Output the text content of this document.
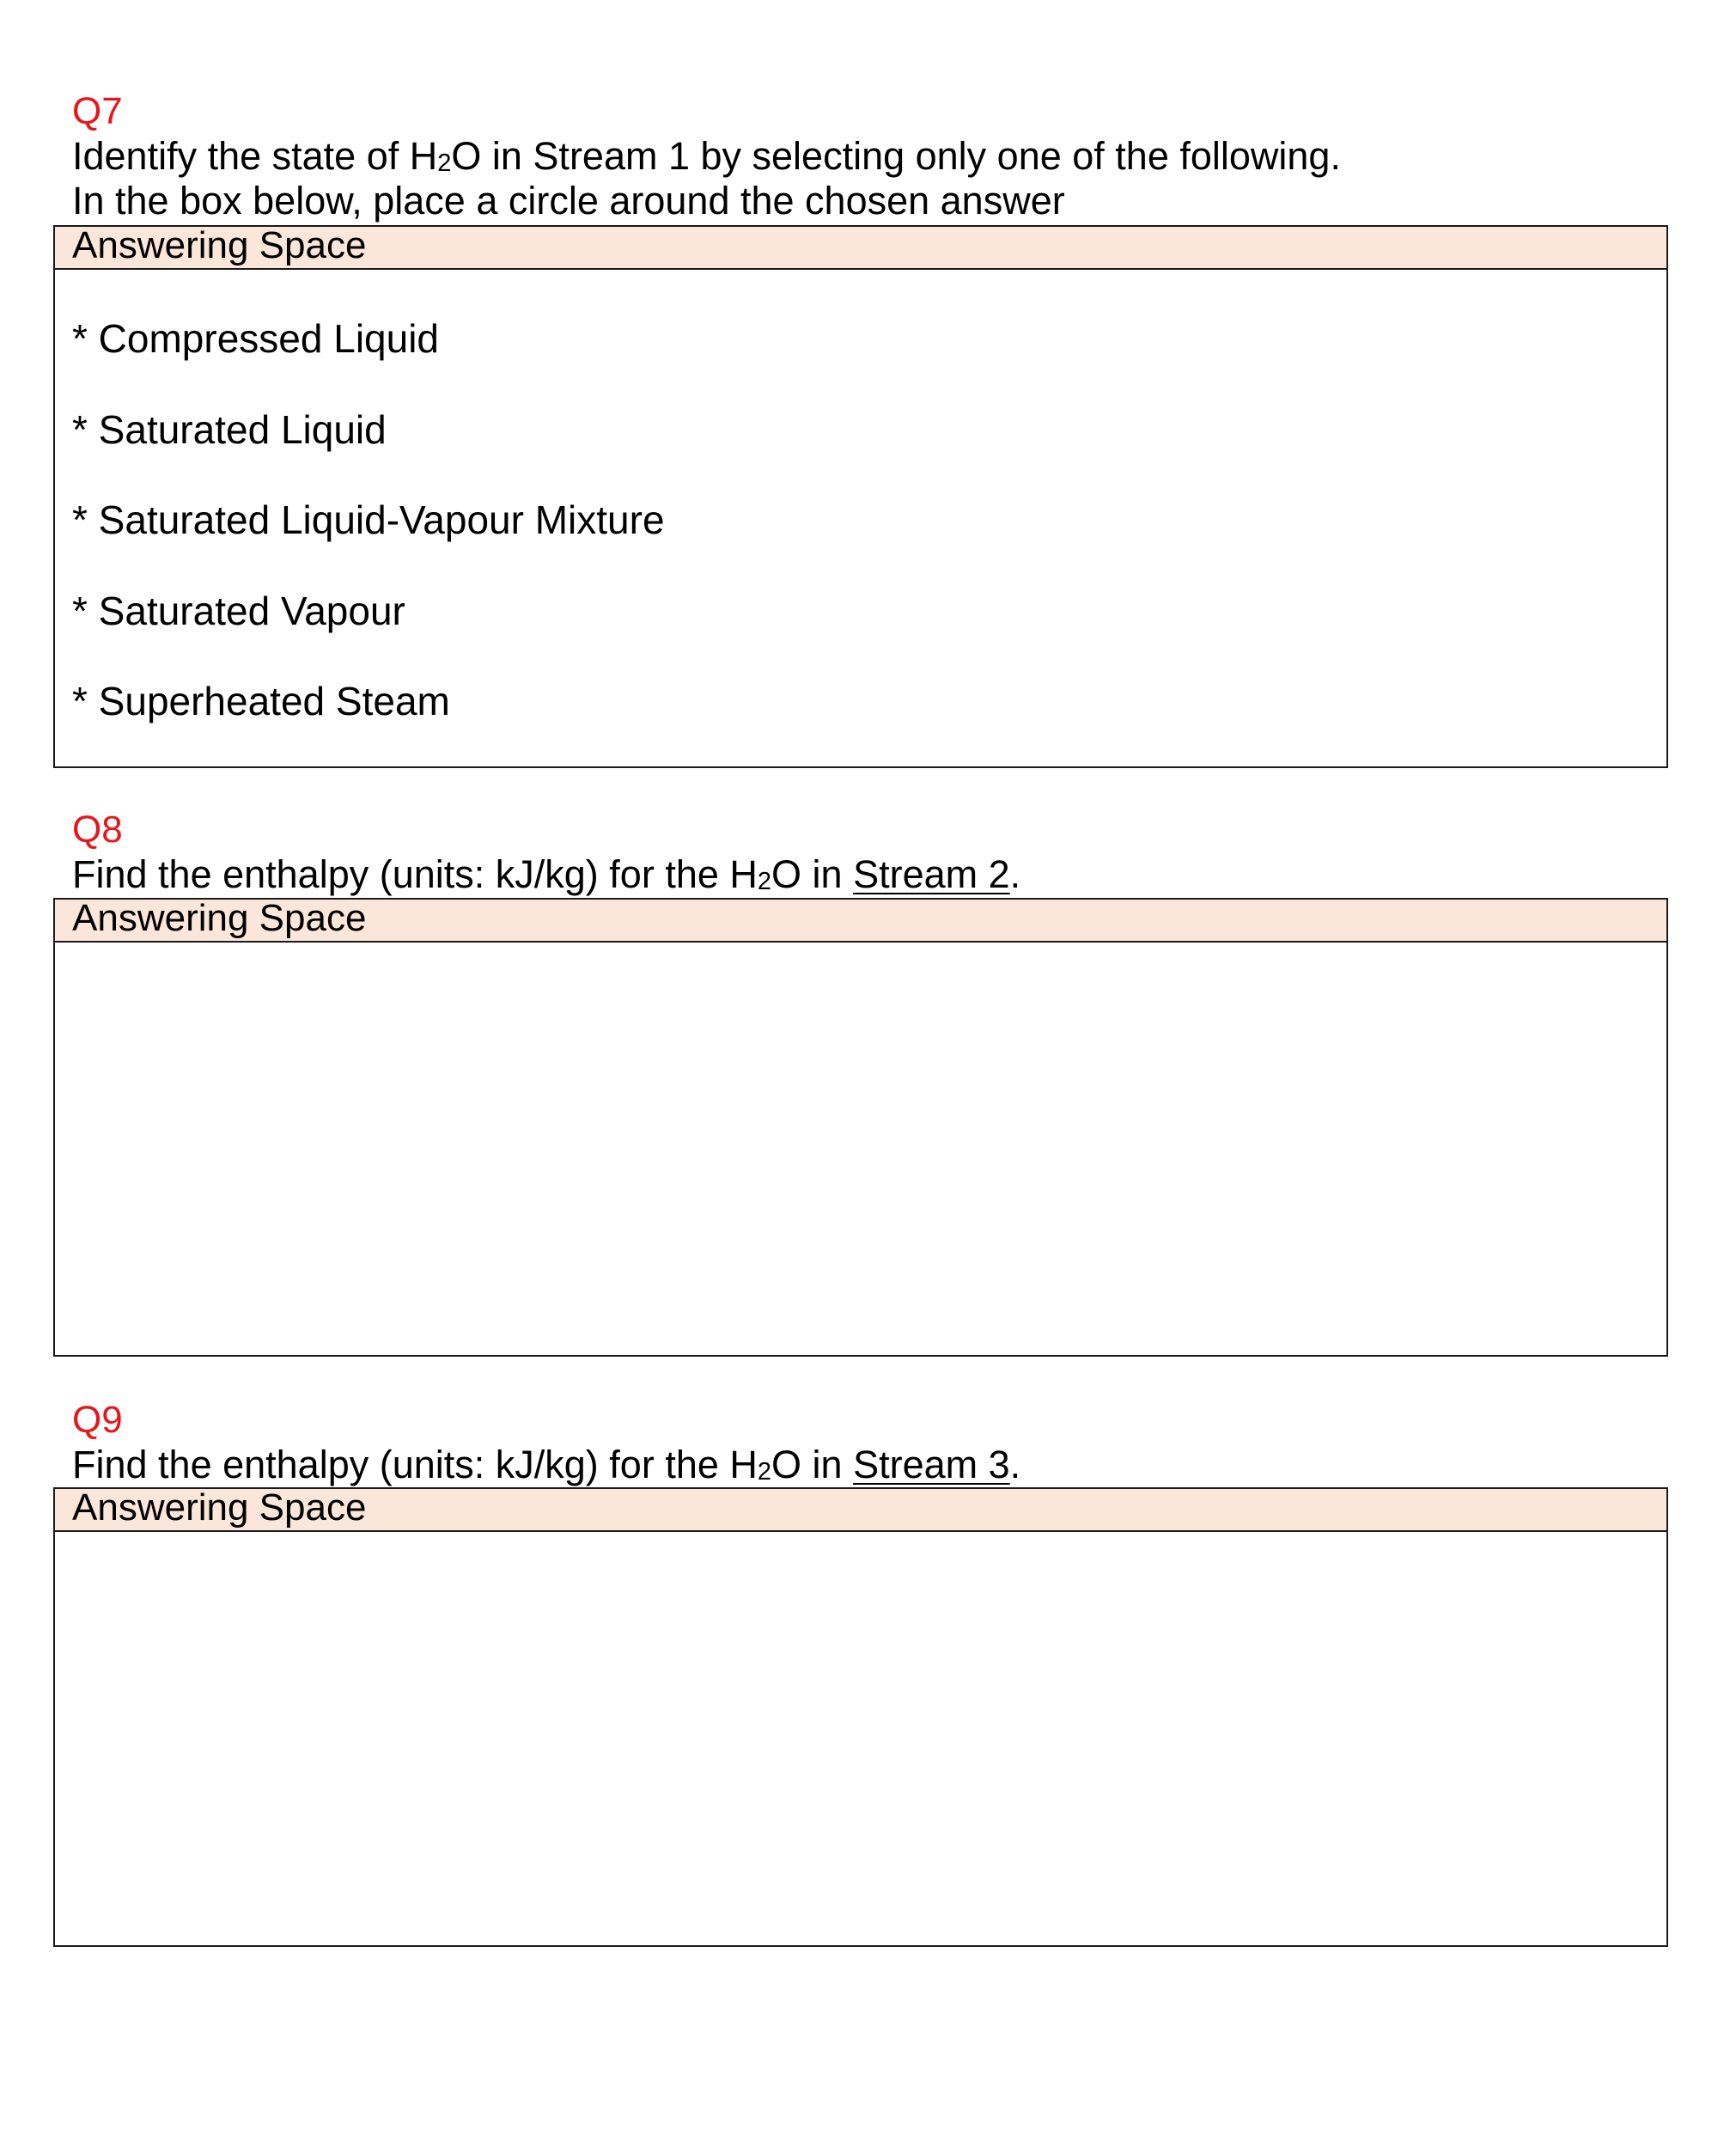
Q7
Identify the state of $H_2O$ in Stream 1 by selecting only one of the following.
In the box below, place a circle around the chosen answer
Answering Space
* Compressed Liquid
* Saturated Liquid
* Saturated Liquid-Vapour Mixture
* Saturated Vapour
* Superheated Steam
Q8
Find the enthalpy (units: kJ/kg) for the $H_2O$ in Stream 2.
Answering Space
Q9
Find the enthalpy (units: kJ/kg) for the $H_2O$ in Stream 3.
Answering Space
